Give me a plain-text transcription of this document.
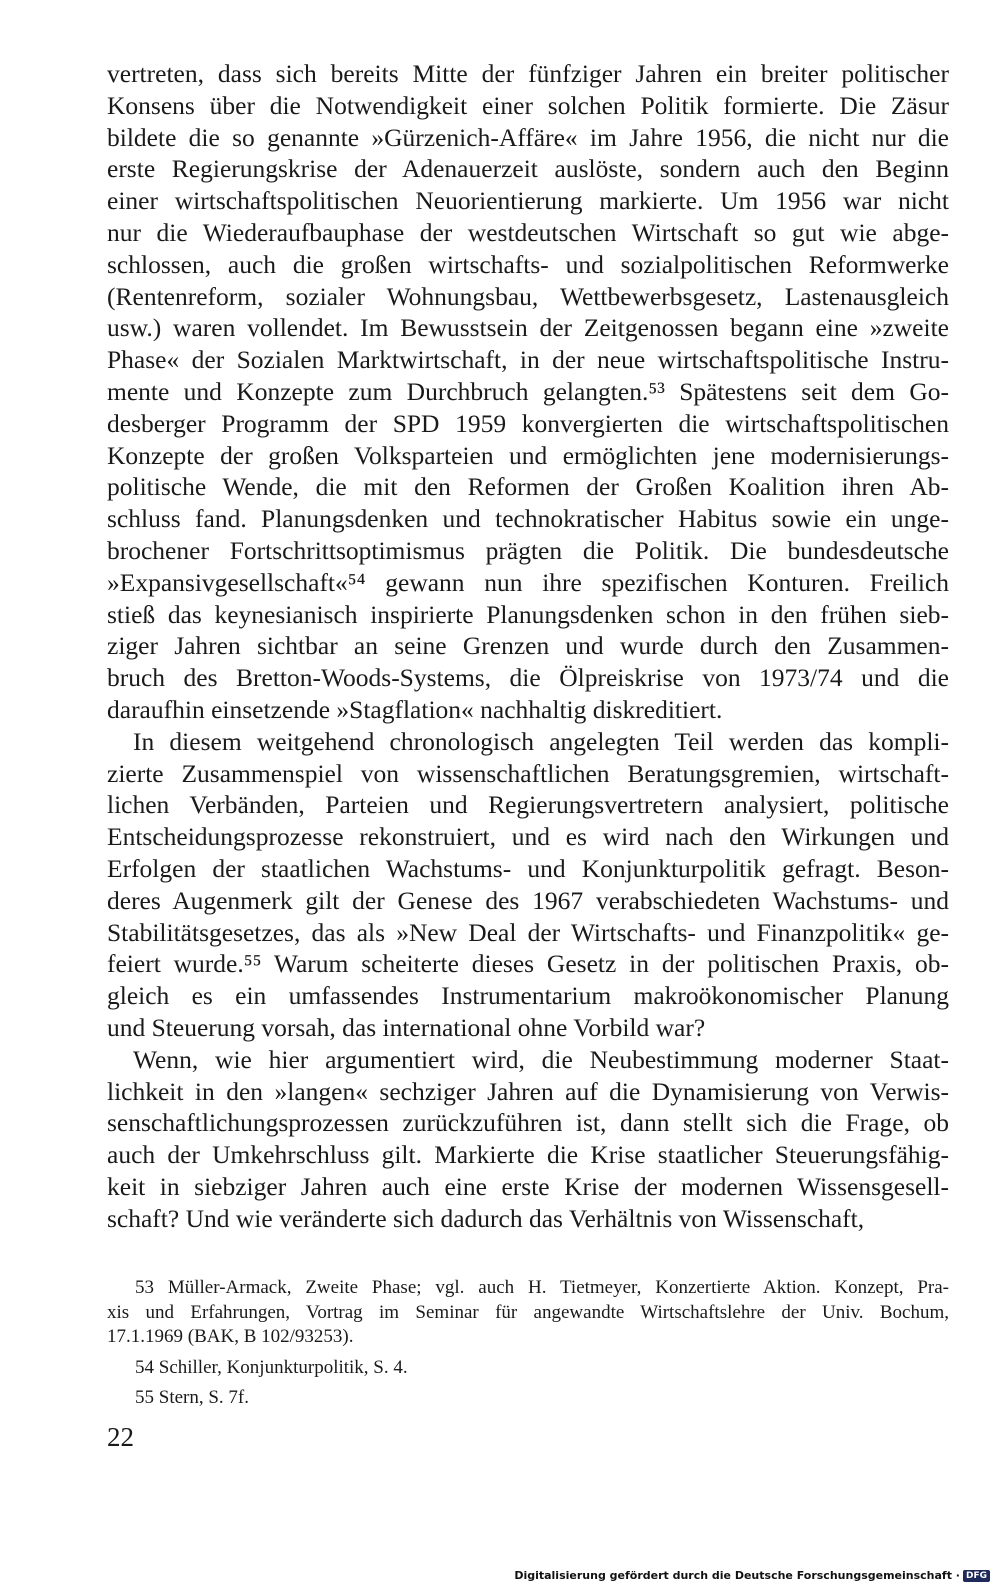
vertreten, dass sich bereits Mitte der fünfziger Jahren ein breiter politischer
Konsens über die Notwendigkeit einer solchen Politik formierte. Die Zäsur
bildete die so genannte »Gürzenich-Affäre« im Jahre 1956, die nicht nur die
erste Regierungskrise der Adenauerzeit auslöste, sondern auch den Beginn
einer wirtschaftspolitischen Neuorientierung markierte. Um 1956 war nicht
nur die Wiederaufbauphase der westdeutschen Wirtschaft so gut wie abge-
schlossen, auch die großen wirtschafts- und sozialpolitischen Reformwerke
(Rentenreform, sozialer Wohnungsbau, Wettbewerbsgesetz, Lastenausgleich
usw.) waren vollendet. Im Bewusstsein der Zeitgenossen begann eine »zweite
Phase« der Sozialen Marktwirtschaft, in der neue wirtschaftspolitische Instru-
mente und Konzepte zum Durchbruch gelangten.⁵³ Spätestens seit dem Go-
desberger Programm der SPD 1959 konvergierten die wirtschaftspolitischen
Konzepte der großen Volksparteien und ermöglichten jene modernisierungs-
politische Wende, die mit den Reformen der Großen Koalition ihren Ab-
schluss fand. Planungsdenken und technokratischer Habitus sowie ein unge-
brochener Fortschrittsoptimismus prägten die Politik. Die bundesdeutsche
»Expansivgesellschaft«⁵⁴ gewann nun ihre spezifischen Konturen. Freilich
stieß das keynesianisch inspirierte Planungsdenken schon in den frühen sieb-
ziger Jahren sichtbar an seine Grenzen und wurde durch den Zusammen-
bruch des Bretton-Woods-Systems, die Ölpreiskrise von 1973/74 und die
daraufhin einsetzende »Stagflation« nachhaltig diskreditiert.
In diesem weitgehend chronologisch angelegten Teil werden das kompli-
zierte Zusammenspiel von wissenschaftlichen Beratungsgremien, wirtschaft-
lichen Verbänden, Parteien und Regierungsvertretern analysiert, politische
Entscheidungsprozesse rekonstruiert, und es wird nach den Wirkungen und
Erfolgen der staatlichen Wachstums- und Konjunkturpolitik gefragt. Beson-
deres Augenmerk gilt der Genese des 1967 verabschiedeten Wachstums- und
Stabilitätsgesetzes, das als »New Deal der Wirtschafts- und Finanzpolitik« ge-
feiert wurde.⁵⁵ Warum scheiterte dieses Gesetz in der politischen Praxis, ob-
gleich es ein umfassendes Instrumentarium makroökonomischer Planung
und Steuerung vorsah, das international ohne Vorbild war?
Wenn, wie hier argumentiert wird, die Neubestimmung moderner Staat-
lichkeit in den »langen« sechziger Jahren auf die Dynamisierung von Verwis-
senschaftlichungsprozessen zurückzuführen ist, dann stellt sich die Frage, ob
auch der Umkehrschluss gilt. Markierte die Krise staatlicher Steuerungsfähig-
keit in siebziger Jahren auch eine erste Krise der modernen Wissensgesell-
schaft? Und wie veränderte sich dadurch das Verhältnis von Wissenschaft,
53 Müller-Armack, Zweite Phase; vgl. auch H. Tietmeyer, Konzertierte Aktion. Konzept, Pra-
xis und Erfahrungen, Vortrag im Seminar für angewandte Wirtschaftslehre der Univ. Bochum,
17.1.1969 (BAK, B 102/93253).
54 Schiller, Konjunkturpolitik, S. 4.
55 Stern, S. 7f.
22
Digitalisierung gefördert durch die Deutsche Forschungsgemeinschaft · DFG
